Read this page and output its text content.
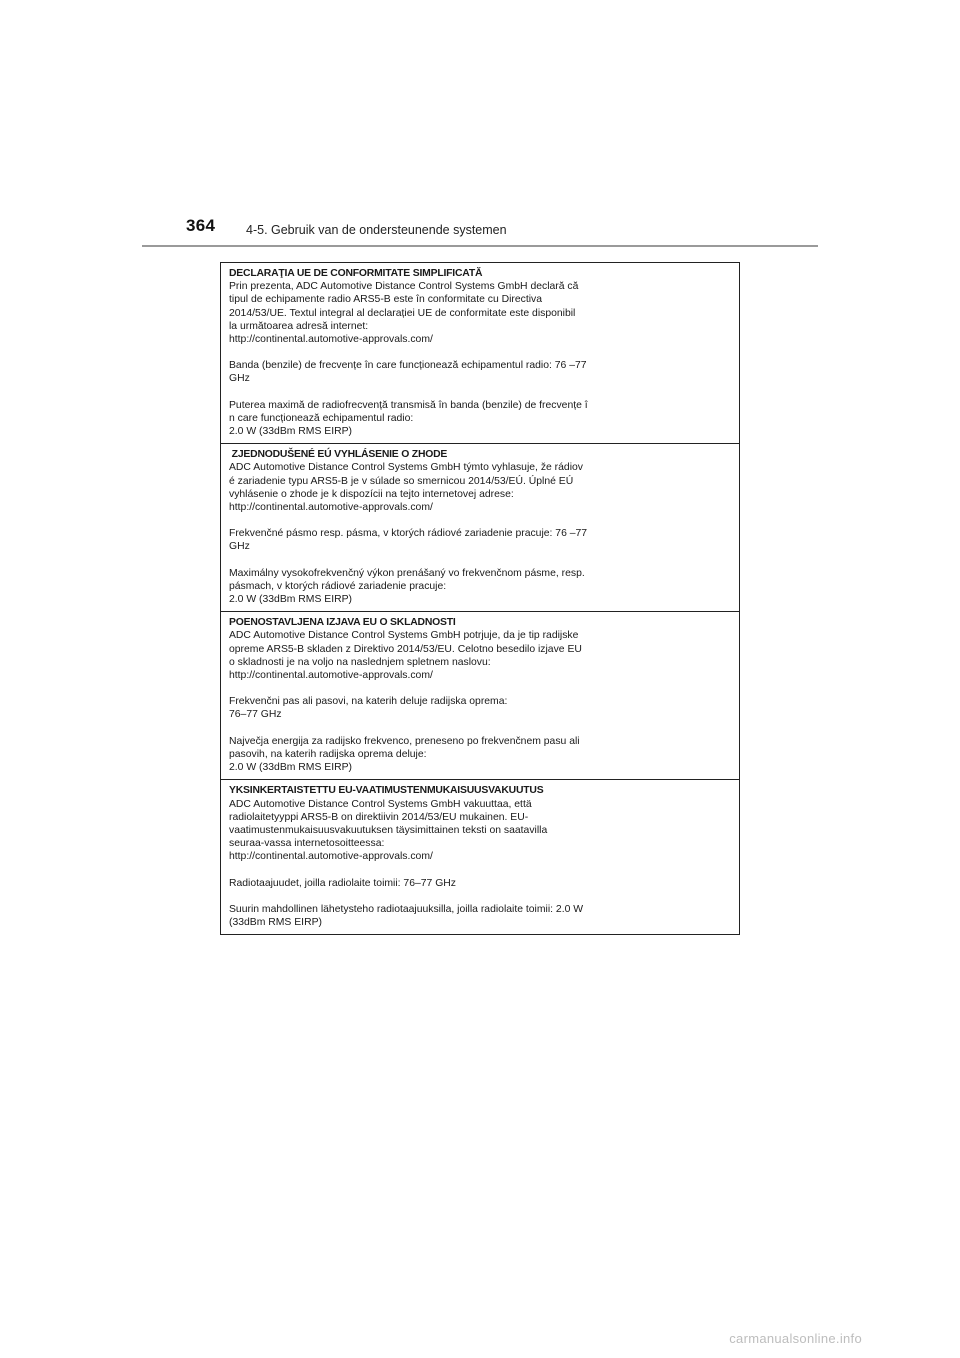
364 4-5. Gebruik van de ondersteunende systemen
DECLARAŢIA UE DE CONFORMITATE SIMPLIFICATĂ

Prin prezenta, ADC Automotive Distance Control Systems GmbH declară că
tipul de echipamente radio ARS5-B este în conformitate cu Directiva
2014/53/UE. Textul integral al declarației UE de conformitate este disponibil
la următoarea adresă internet:
http://continental.automotive-approvals.com/

Banda (benzile) de frecvențe în care funcționează echipamentul radio: 76 –77
GHz

Puterea maximă de radiofrecvență transmisă în banda (benzile) de frecvențe î
n care funcționează echipamentul radio:
2.0 W (33dBm RMS EIRP)

ZJEDNODUŠENÉ EÚ VYHLÁSENIE O ZHODE

ADC Automotive Distance Control Systems GmbH týmto vyhlasuje, že rádiov
é zariadenie typu ARS5-B je v súlade so smernicou 2014/53/EÚ. Úplné EÚ
vyhlásenie o zhode je k dispozícii na tejto internetovej adrese:
http://continental.automotive-approvals.com/

Frekvenčné pásmo resp. pásma, v ktorých rádiové zariadenie pracuje: 76 –77
GHz

Maximálny vysokofrekvenčný výkon prenášaný vo frekvenčnom pásme, resp.
pásmach, v ktorých rádiové zariadenie pracuje:
2.0 W (33dBm RMS EIRP)

POENOSTAVLJENA IZJAVA EU O SKLADNOSTI

ADC Automotive Distance Control Systems GmbH potrjuje, da je tip radijske
opreme ARS5-B skladen z Direktivo 2014/53/EU. Celotno besedilo izjave EU
o skladnosti je na voljo na naslednjem spletnem naslovu:
http://continental.automotive-approvals.com/

Frekvenčni pas ali pasovi, na katerih deluje radijska oprema:
76–77 GHz

Največja energija za radijsko frekvenco, preneseno po frekvenčnem pasu ali
pasovih, na katerih radijska oprema deluje:
2.0 W (33dBm RMS EIRP)

YKSINKERTAISTETTU EU-VAATIMUSTENMUKAISUUSVAKUUTUS

ADC Automotive Distance Control Systems GmbH vakuuttaa, että
radiolaitetyyppi ARS5-B on direktiivin 2014/53/EU mukainen. EU-
vaatimustenmukaisuusvakuutuksen täysimittainen teksti on saatavilla
seuraa-vassa internetosoitteessa:
http://continental.automotive-approvals.com/

Radiotaajuudet, joilla radiolaite toimii: 76–77 GHz

Suurin mahdollinen lähetysteho radiotaajuuksilla, joilla radiolaite toimii: 2.0 W
(33dBm RMS EIRP)

carmanualsonline.info
